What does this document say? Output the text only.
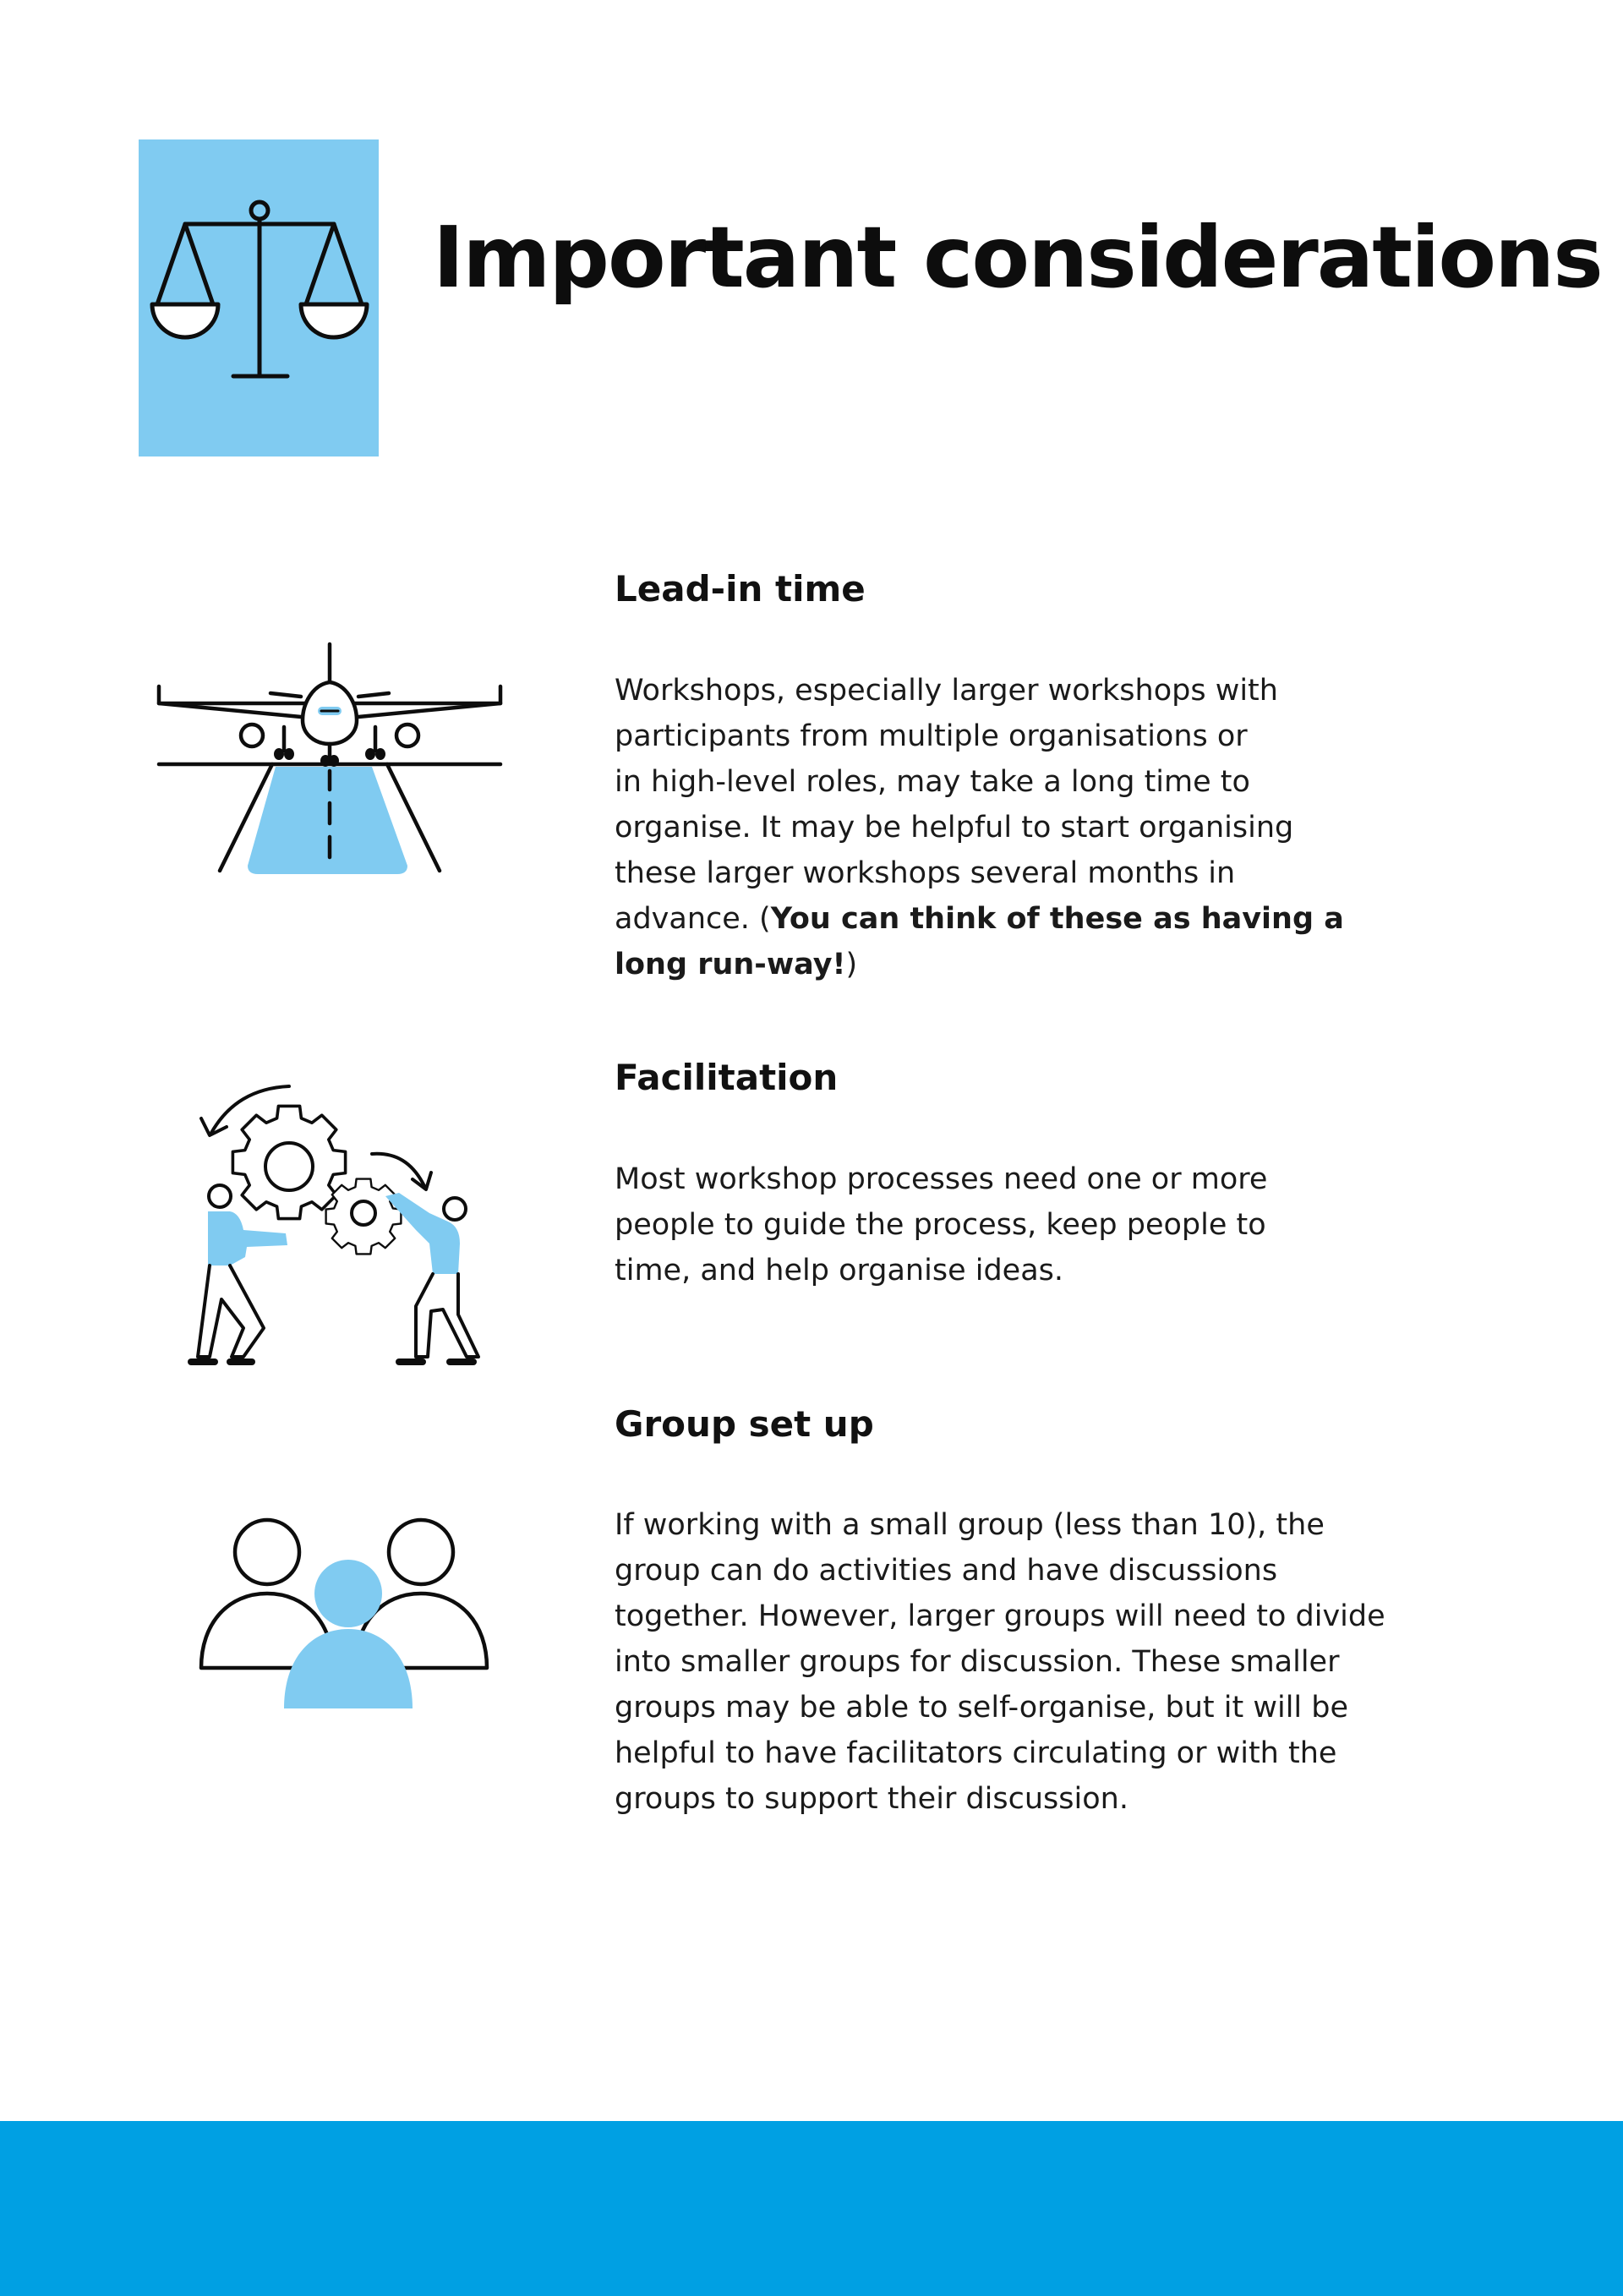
Important considerations
Lead-in time

Workshops, especially larger workshops with
participants from multiple organisations or
in high-level roles, may take a long time to
organise. It may be helpful to start organising
these larger workshops several months in
advance. (You can think of these as having a
long run-way!)

Facilitation

Most workshop processes need one or more
people to guide the process, keep people to
time, and help organise ideas.

Group set up

If working with a small group (less than 10), the
group can do activities and have discussions
together. However, larger groups will need to divide
into smaller groups for discussion. These smaller
groups may be able to self-organise, but it will be
helpful to have facilitators circulating or with the
groups to support their discussion.
